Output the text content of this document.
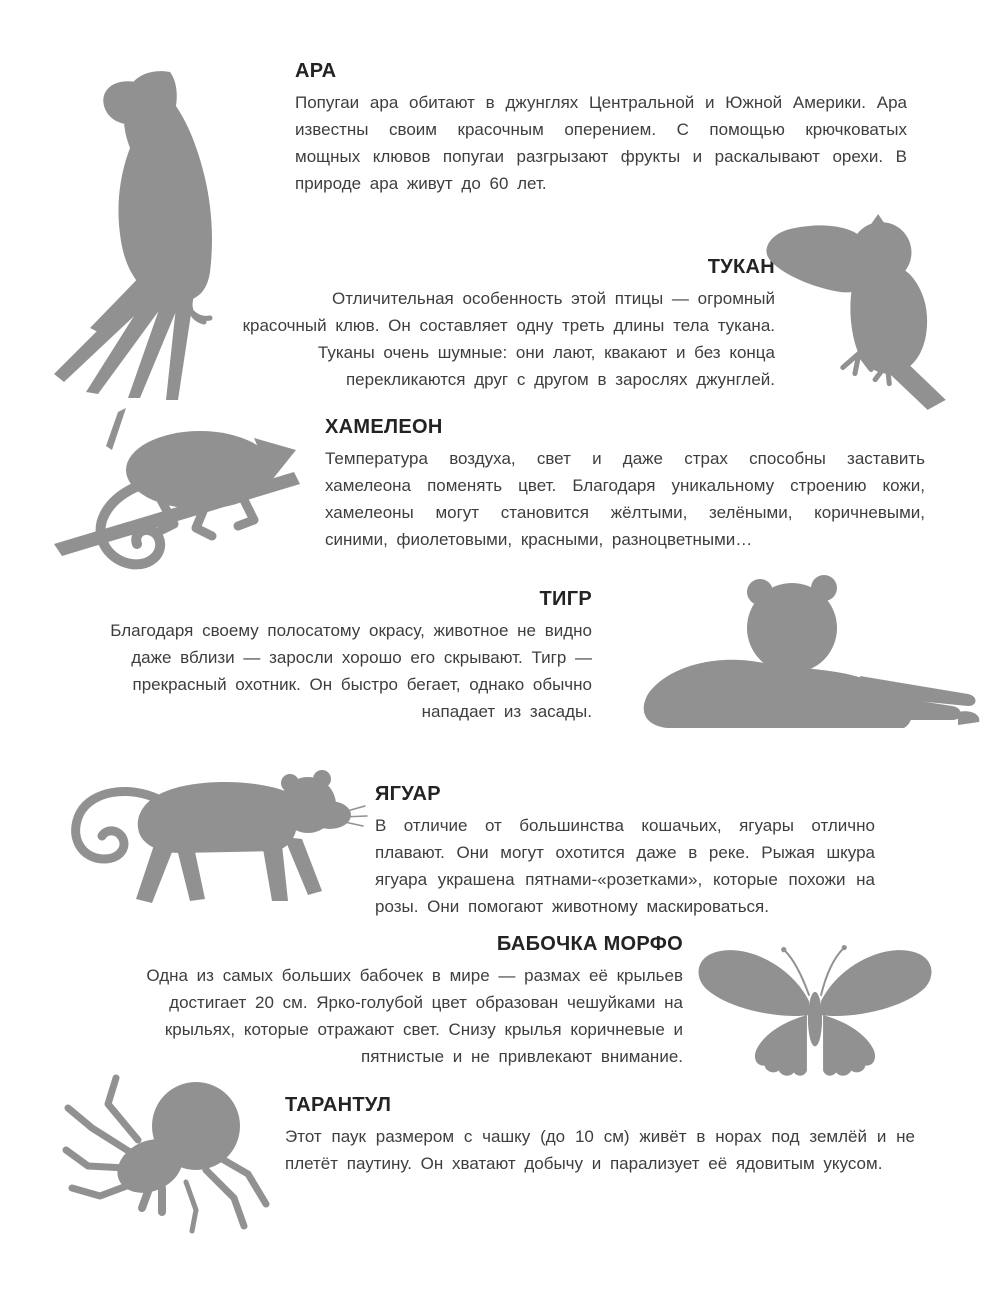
АРА

Попугаи ара обитают в джунглях Центральной и Южной Америки. Ара известны своим красочным оперением. С помощью крючковатых мощных клювов попугаи разгрызают фрукты и раскалывают орехи. В природе ара живут до 60 лет.

ТУКАН

Отличительная особенность этой птицы — огромный красочный клюв. Он составляет одну треть длины тела тукана. Туканы очень шумные: они лают, квакают и без конца перекликаются друг с другом в зарослях джунглей.

ХАМЕЛЕОН

Температура воздуха, свет и даже страх способны заставить хамелеона поменять цвет. Благодаря уникальному строению кожи, хамелеоны могут становится жёлтыми, зелёными, коричневыми, синими, фиолетовыми, красными, разноцветными…

ТИГР

Благодаря своему полосатому окрасу, животное не видно даже вблизи — заросли хорошо его скрывают. Тигр — прекрасный охотник. Он быстро бегает, однако обычно нападает из засады.

ЯГУАР

В отличие от большинства кошачьих, ягуары отлично плавают. Они могут охотится даже в реке. Рыжая шкура ягуара украшена пятнами-«розетками», которые похожи на розы. Они помогают животному маскироваться.

БАБОЧКА МОРФО

Одна из самых больших бабочек в мире — размах её крыльев достигает 20 см. Ярко-голубой цвет образован чешуйками на крыльях, которые отражают свет. Снизу крылья коричневые и пятнистые и не привлекают внимание.

ТАРАНТУЛ

Этот паук размером с чашку (до 10 см) живёт в норах под землёй и не плетёт паутину. Он хватают добычу и парализует её ядовитым укусом.
